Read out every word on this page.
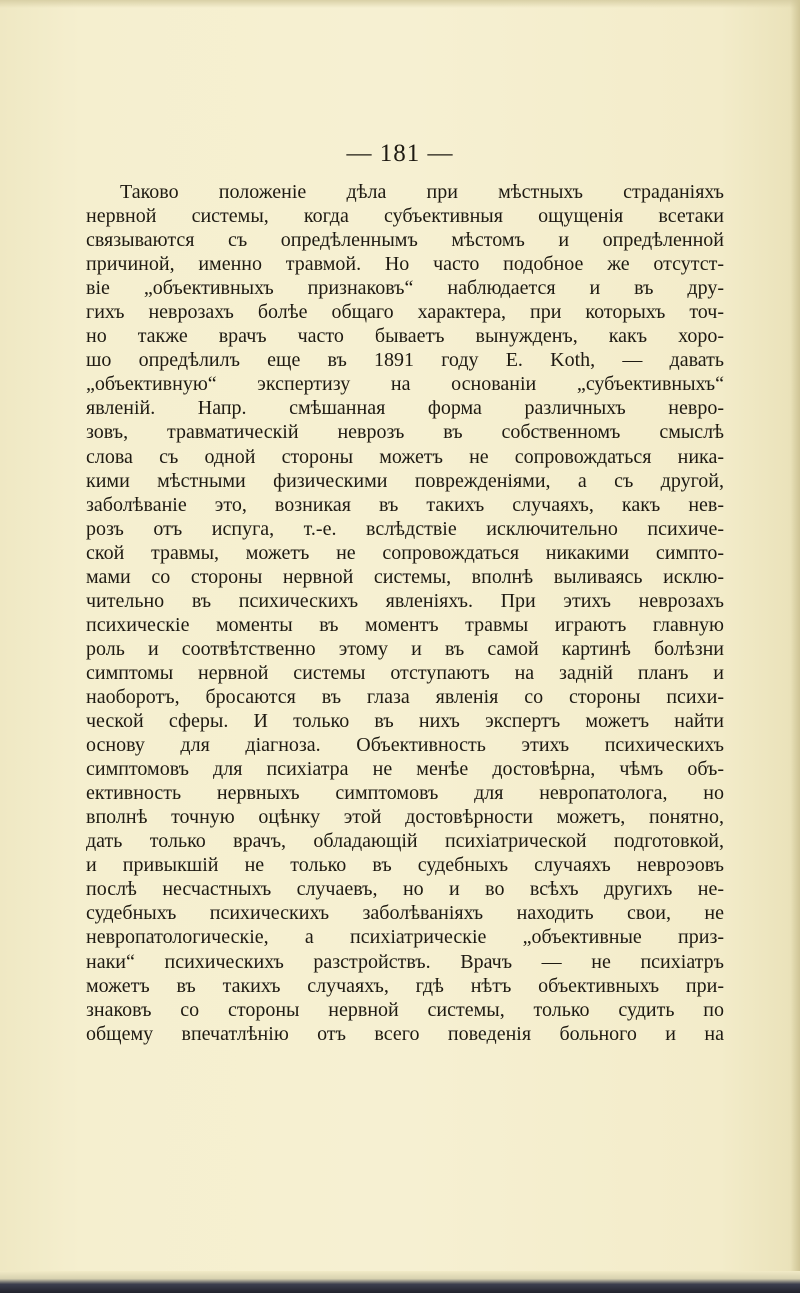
— 181 —
Таково положеніе дѣла при мѣстныхъ страданіяхъ
нервной системы, когда субъективныя ощущенія всетаки
связываются съ опредѣленнымъ мѣстомъ и опредѣленной
причиной, именно травмой. Но часто подобное же отсутст-
віе „объективныхъ признаковъ“ наблюдается и въ дру-
гихъ неврозахъ болѣе общаго характера, при которыхъ точ-
но также врачъ часто бываетъ вынужденъ, какъ хоро-
шо опредѣлилъ еще въ 1891 году E. Koth, — давать
„объективную“ экспертизу на основаніи „субъективныхъ“
явленій. Напр. смѣшанная форма различныхъ невро-
зовъ, травматическій неврозъ въ собственномъ смыслѣ
слова съ одной стороны можетъ не сопровождаться ника-
кими мѣстными физическими поврежденіями, а съ другой,
заболѣваніе это, возникая въ такихъ случаяхъ, какъ нев-
розъ отъ испуга, т.-е. вслѣдствіе исключительно психиче-
ской травмы, можетъ не сопровождаться никакими симпто-
мами со стороны нервной системы, вполнѣ выливаясь исклю-
чительно въ психическихъ явленіяхъ. При этихъ неврозахъ
психическіе моменты въ моментъ травмы играютъ главную
роль и соотвѣтственно этому и въ самой картинѣ болѣзни
симптомы нервной системы отступаютъ на задній планъ и
наоборотъ, бросаются въ глаза явленія со стороны психи-
ческой сферы. И только въ нихъ экспертъ можетъ найти
основу для діагноза. Объективность этихъ психическихъ
симптомовъ для психіатра не менѣе достовѣрна, чѣмъ объ-
ективность нервныхъ симптомовъ для невропатолога, но
вполнѣ точную оцѣнку этой достовѣрности можетъ, понятно,
дать только врачъ, обладающій психіатрической подготовкой,
и привыкшій не только въ судебныхъ случаяхъ невроэовъ
послѣ несчастныхъ случаевъ, но и во всѣхъ другихъ не-
судебныхъ психическихъ заболѣваніяхъ находить свои, не
невропатологическіе, а психіатрическіе „объективные приз-
наки“ психическихъ разстройствъ. Врачъ — не психіатръ
можетъ въ такихъ случаяхъ, гдѣ нѣтъ объективныхъ при-
знаковъ со стороны нервной системы, только судить по
общему впечатлѣнію отъ всего поведенія больного и на
